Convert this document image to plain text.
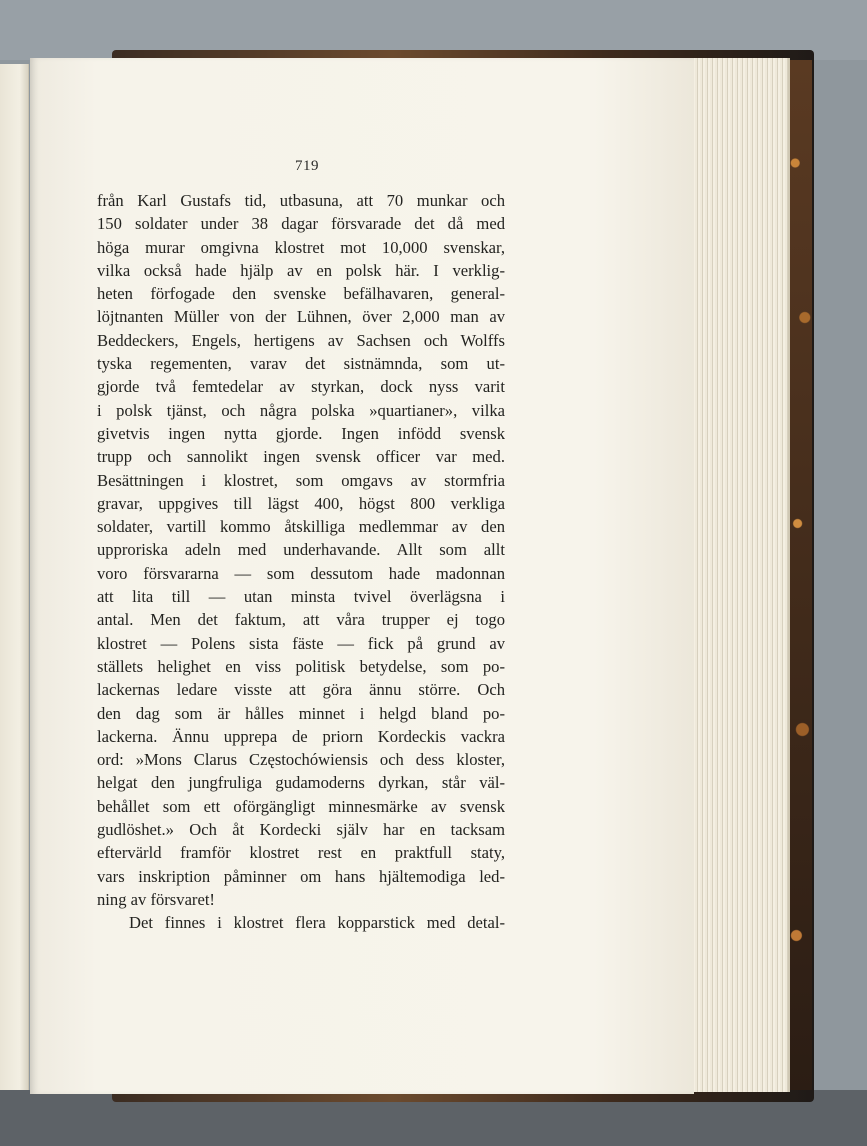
719
från Karl Gustafs tid, utbasuna, att 70 munkar och
150 soldater under 38 dagar försvarade det då med
höga murar omgivna klostret mot 10,000 svenskar,
vilka också hade hjälp av en polsk här. I verklig-
heten förfogade den svenske befälhavaren, general-
löjtnanten Müller von der Lühnen, över 2,000 man av
Beddeckers, Engels, hertigens av Sachsen och Wolffs
tyska regementen, varav det sistnämnda, som ut-
gjorde två femtedelar av styrkan, dock nyss varit
i polsk tjänst, och några polska »quartianer», vilka
givetvis ingen nytta gjorde. Ingen infödd svensk
trupp och sannolikt ingen svensk officer var med.
Besättningen i klostret, som omgavs av stormfria
gravar, uppgives till lägst 400, högst 800 verkliga
soldater, vartill kommo åtskilliga medlemmar av den
upproriska adeln med underhavande. Allt som allt
voro försvararna — som dessutom hade madonnan
att lita till — utan minsta tvivel överlägsna i
antal. Men det faktum, att våra trupper ej togo
klostret — Polens sista fäste — fick på grund av
ställets helighet en viss politisk betydelse, som po-
lackernas ledare visste att göra ännu större. Och
den dag som är hålles minnet i helgd bland po-
lackerna. Ännu upprepa de priorn Kordeckis vackra
ord: »Mons Clarus Częstochówiensis och dess kloster,
helgat den jungfruliga gudamoderns dyrkan, står väl-
behållet som ett oförgängligt minnesmärke av svensk
gudlöshet.» Och åt Kordecki själv har en tacksam
eftervärld framför klostret rest en praktfull staty,
vars inskription påminner om hans hjältemodiga led-
ning av försvaret!
Det finnes i klostret flera kopparstick med detal-
